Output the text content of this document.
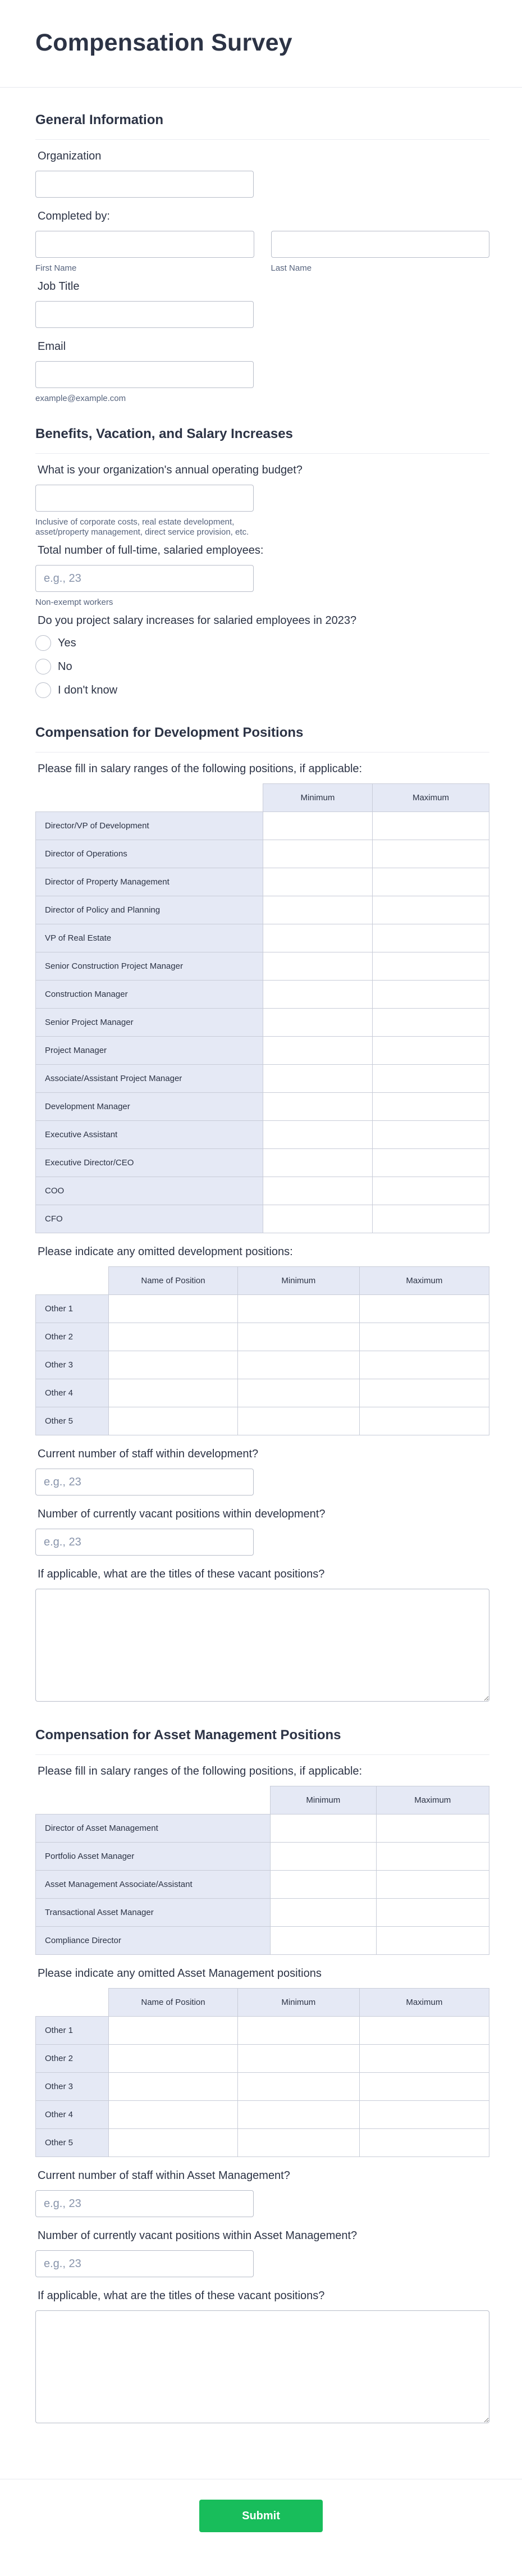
Compensation Survey
General Information
Organization
Completed by:
First Name	Last Name
Job Title
Email
example@example.com
Benefits, Vacation, and Salary Increases
What is your organization's annual operating budget?
Inclusive of corporate costs, real estate development, asset/property management, direct service provision, etc.
Total number of full-time, salaried employees:
e.g., 23
Non-exempt workers
Do you project salary increases for salaried employees in 2023?
Yes
No
I don't know
Compensation for Development Positions
Please fill in salary ranges of the following positions, if applicable:
	Minimum	Maximum
Director/VP of Development		
Director of Operations		
Director of Property Management		
Director of Policy and Planning		
VP of Real Estate		
Senior Construction Project Manager		
Construction Manager		
Senior Project Manager		
Project Manager		
Associate/Assistant Project Manager		
Development Manager		
Executive Assistant		
Executive Director/CEO		
COO		
CFO		
Please indicate any omitted development positions:
	Name of Position	Minimum	Maximum
Other 1			
Other 2			
Other 3			
Other 4			
Other 5			
Current number of staff within development?
e.g., 23
Number of currently vacant positions within development?
e.g., 23
If applicable, what are the titles of these vacant positions?
Compensation for Asset Management Positions
Please fill in salary ranges of the following positions, if applicable:
	Minimum	Maximum
Director of Asset Management		
Portfolio Asset Manager		
Asset Management Associate/Assistant		
Transactional Asset Manager		
Compliance Director		
Please indicate any omitted Asset Management positions
	Name of Position	Minimum	Maximum
Other 1			
Other 2			
Other 3			
Other 4			
Other 5			
Current number of staff within Asset Management?
e.g., 23
Number of currently vacant positions within Asset Management?
e.g., 23
If applicable, what are the titles of these vacant positions?
Submit
